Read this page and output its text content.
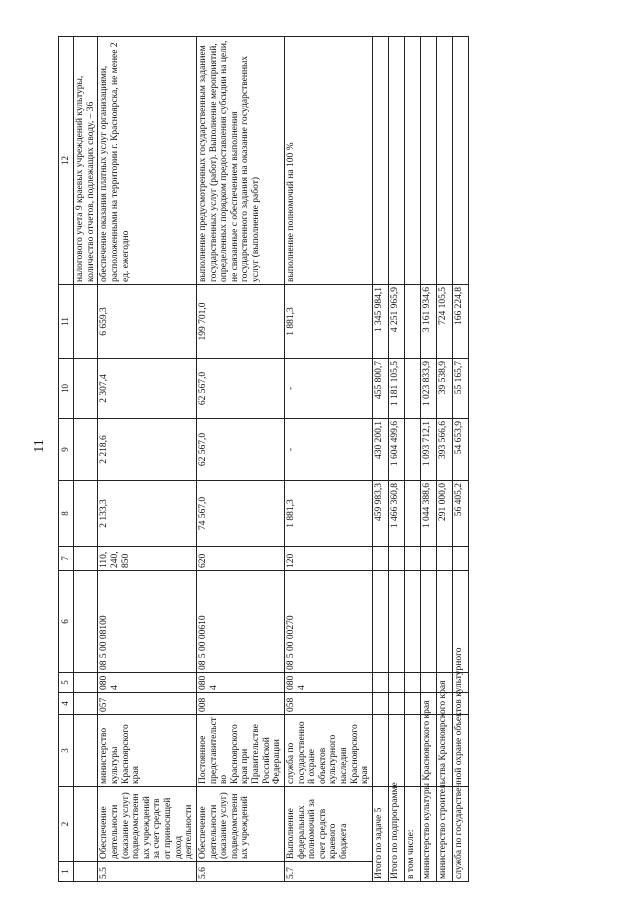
11
1	2	3	4	5	6	7	8	9	10	11	12
											налогового учета 9 краевых учреждений культуры, количество отчетов, подлежащих своду, – 36
5.5	Обеспечение деятельности (оказание услуг) подведомственных учреждений за счет средств от приносящей доход деятельности	министерство культуры Красноярского края	057	0804	08 5 00 08100	110, 240, 850	2 133,3	2 218,6	2 307,4	6 659,3	обеспечение оказания платных услуг организациями, расположенными на территории г. Красноярска, не менее 2 ед. ежегодно
5.6	Обеспечение деятельности (оказание услуг) подведомственных учреждений	Постоянное представительство Красноярского края при Правительстве Российской Федерации	008	0804	08 5 00 00610	620	74 567,0	62 567,0	62 567,0	199 701,0	выполнение предусмотренных государственным заданием государственных услуг (работ). Выполнение мероприятий, определенных порядком предоставления субсидии на цели, не связанные с обеспечением выполнения государственного задания на оказание государственных услуг (выполнение работ)
5.7	Выполнение федеральных полномочий за счет средств краевого бюджета	служба по государственной охране объектов культурного наследия Красноярского края	058	0804	08 5 00 00270	120	1 881,3	-	-	1 881,3	выполнение полномочий на 100 %
Итого по задаче 5							459 983,3	430 200,1	455 800,7	1 345 984,1	
Итого по подпрограмме							1 466 360,8	1 604 499,6	1 181 105,5	4 251 965,9	
в том числе:											
министерство культуры Красноярского края							1 044 388,6	1 093 712,1	1 023 833,9	3 161 934,6	
министерство строительства Красноярского края							291 000,0	393 566,6	39 538,9	724 105,5	
служба по государственной охране объектов культурного							56 405,2	54 653,9	55 165,7	166 224,8	
